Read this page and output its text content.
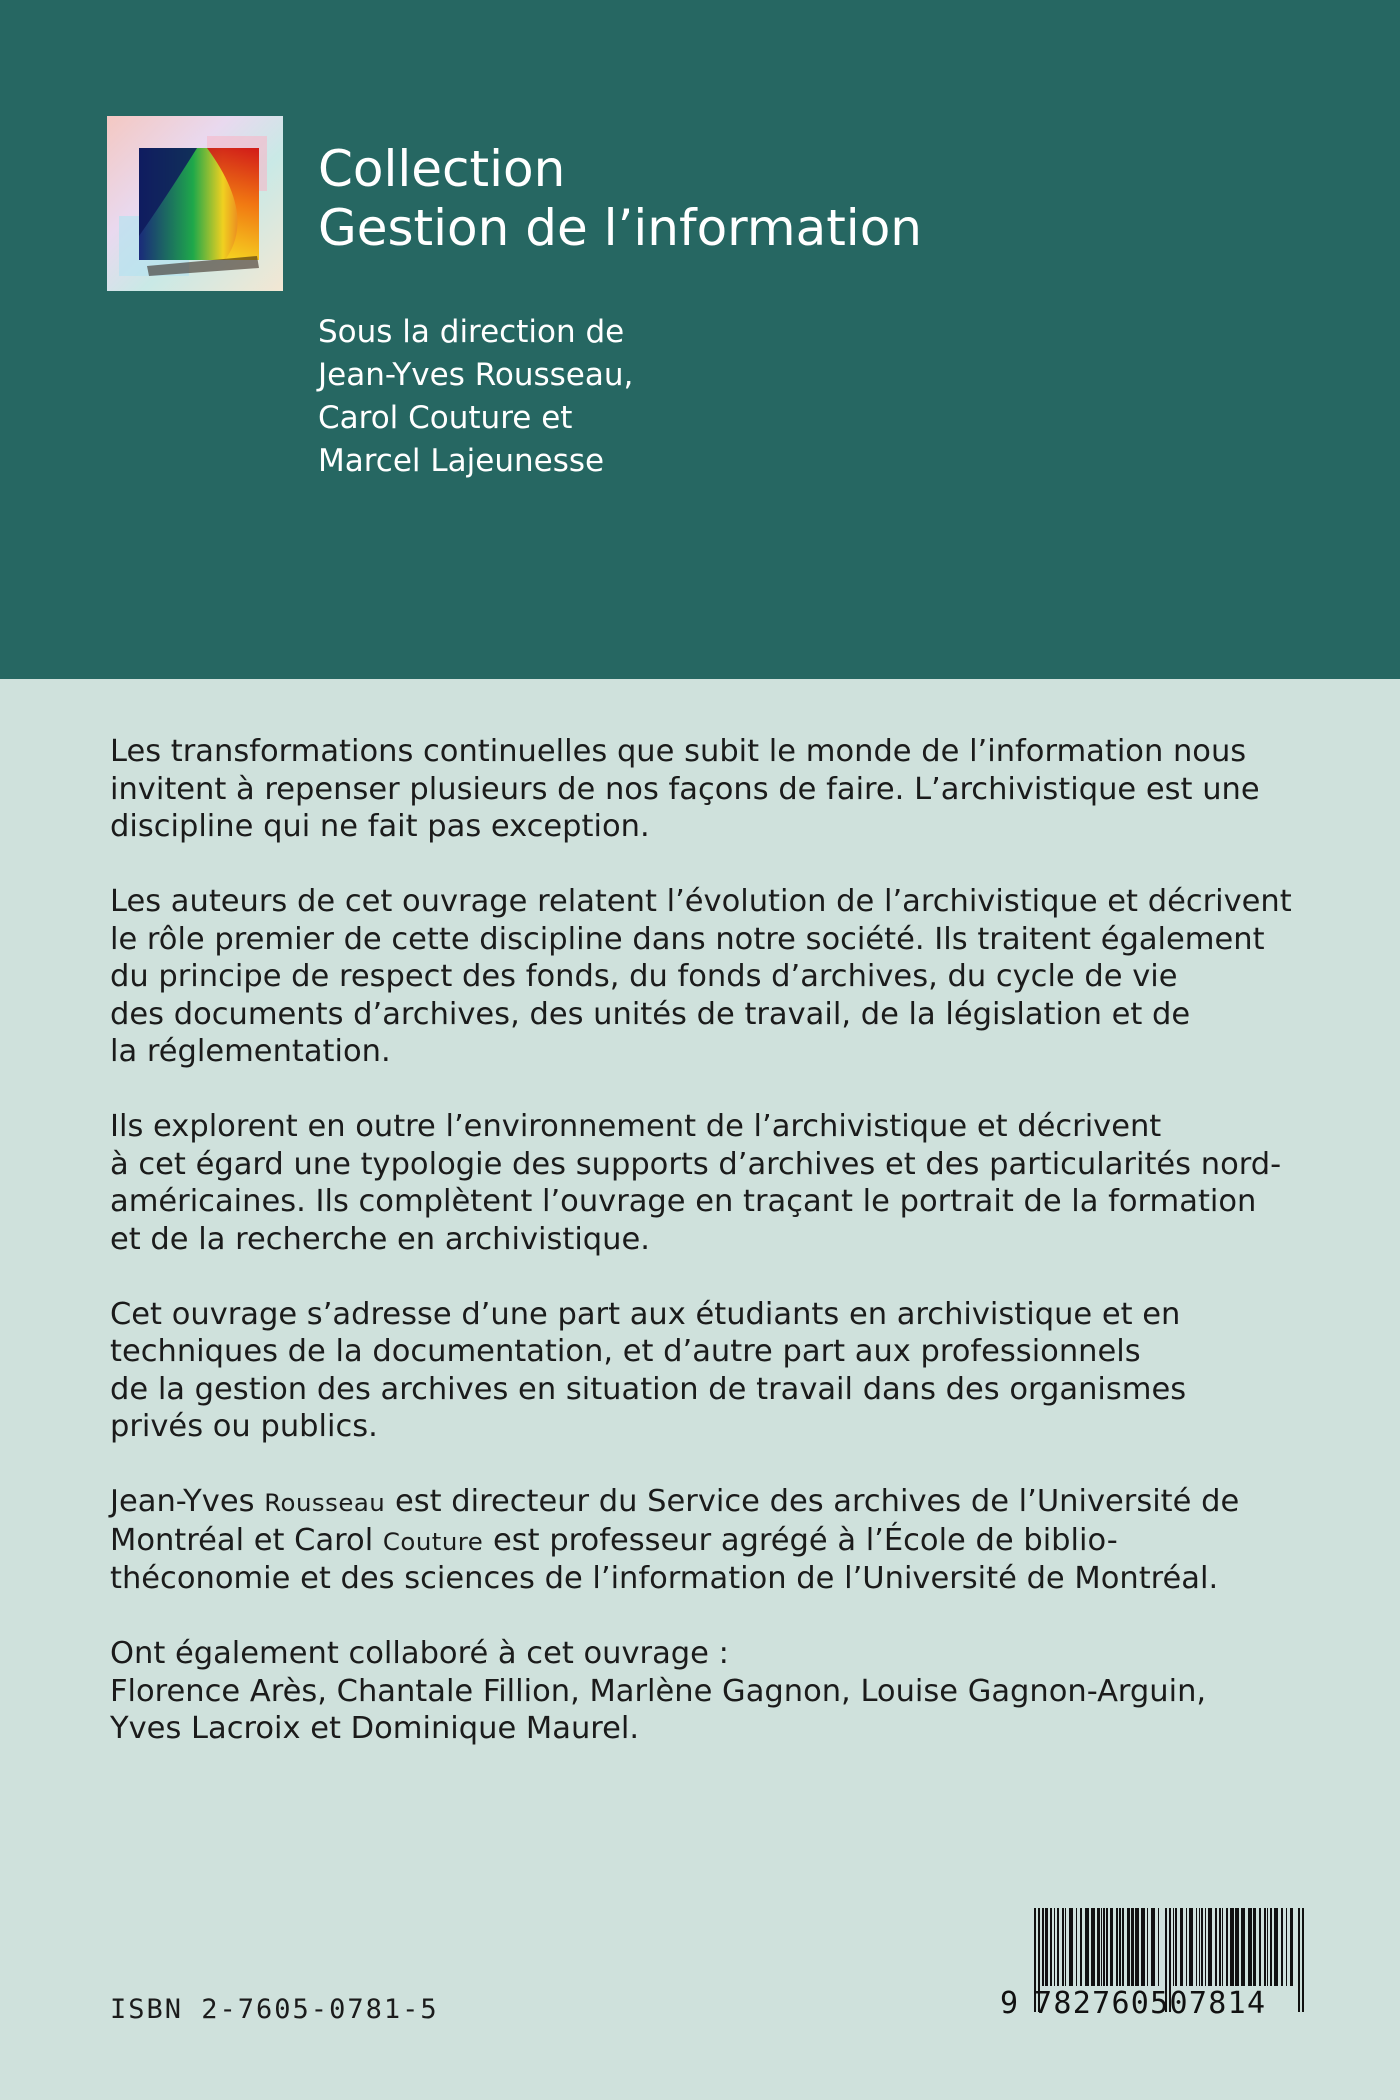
Collection
Gestion de l’information
Sous la direction de
Jean-Yves Rousseau,
Carol Couture et
Marcel Lajeunesse

Les transformations continuelles que subit le monde de l’information nous
invitent à repenser plusieurs de nos façons de faire. L’archivistique est une
discipline qui ne fait pas exception.

Les auteurs de cet ouvrage relatent l’évolution de l’archivistique et décrivent
le rôle premier de cette discipline dans notre société. Ils traitent également
du principe de respect des fonds, du fonds d’archives, du cycle de vie
des documents d’archives, des unités de travail, de la législation et de
la réglementation.

Ils explorent en outre l’environnement de l’archivistique et décrivent
à cet égard une typologie des supports d’archives et des particularités nord-
américaines. Ils complètent l’ouvrage en traçant le portrait de la formation
et de la recherche en archivistique.

Cet ouvrage s’adresse d’une part aux étudiants en archivistique et en
techniques de la documentation, et d’autre part aux professionnels
de la gestion des archives en situation de travail dans des organismes
privés ou publics.

Jean-Yves Rousseau est directeur du Service des archives de l’Université de
Montréal et Carol Couture est professeur agrégé à l’École de biblio-
théconomie et des sciences de l’information de l’Université de Montréal.

Ont également collaboré à cet ouvrage :
Florence Arès, Chantale Fillion, Marlène Gagnon, Louise Gagnon-Arguin,
Yves Lacroix et Dominique Maurel.

ISBN 2-7605-0781-5	9 782760507814
